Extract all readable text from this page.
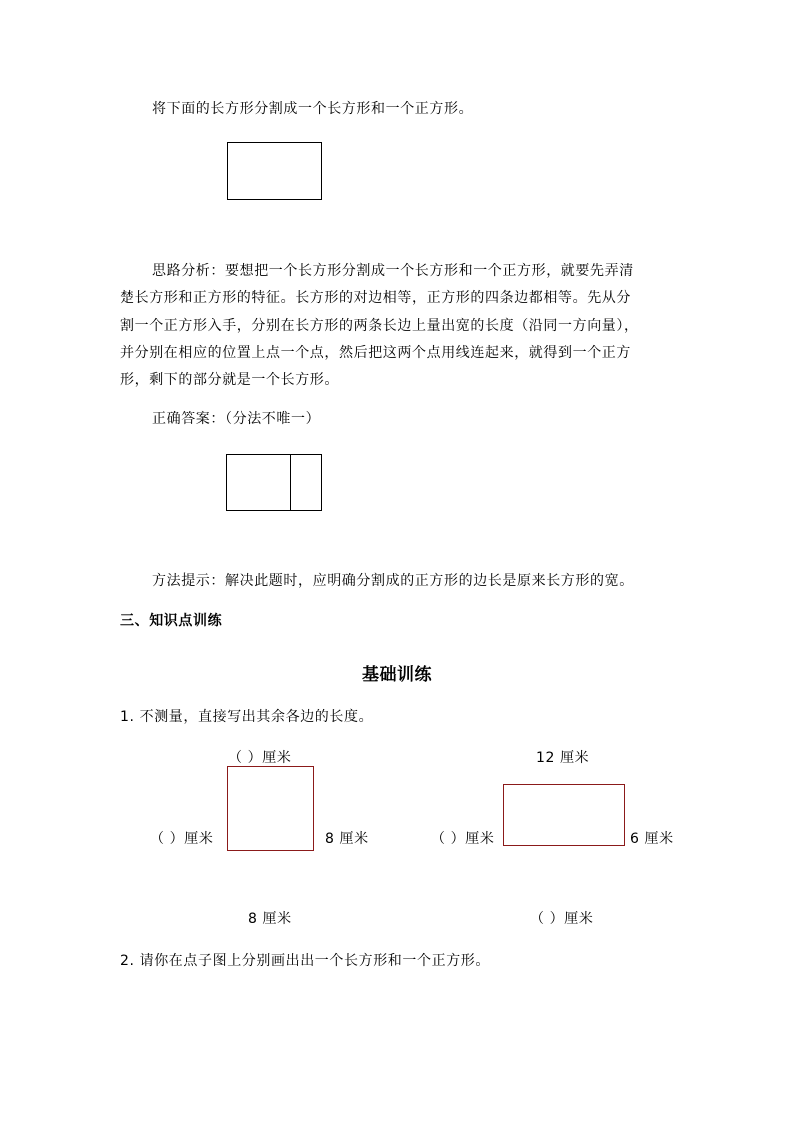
将下面的长方形分割成一个长方形和一个正方形。
思路分析：要想把一个长方形分割成一个长方形和一个正方形，就要先弄清
楚长方形和正方形的特征。长方形的对边相等，正方形的四条边都相等。先从分
割一个正方形入手，分别在长方形的两条长边上量出宽的长度（沿同一方向量），
并分别在相应的位置上点一个点，然后把这两个点用线连起来，就得到一个正方
形，剩下的部分就是一个长方形。
正确答案：（分法不唯一）
方法提示：解决此题时，应明确分割成的正方形的边长是原来长方形的宽。
三、知识点训练
基础训练
1. 不测量，直接写出其余各边的长度。
（ ）厘米
（ ）厘米	8 厘米
8 厘米
12 厘米
（ ）厘米	6 厘米
（ ）厘米
2. 请你在点子图上分别画出出一个长方形和一个正方形。
